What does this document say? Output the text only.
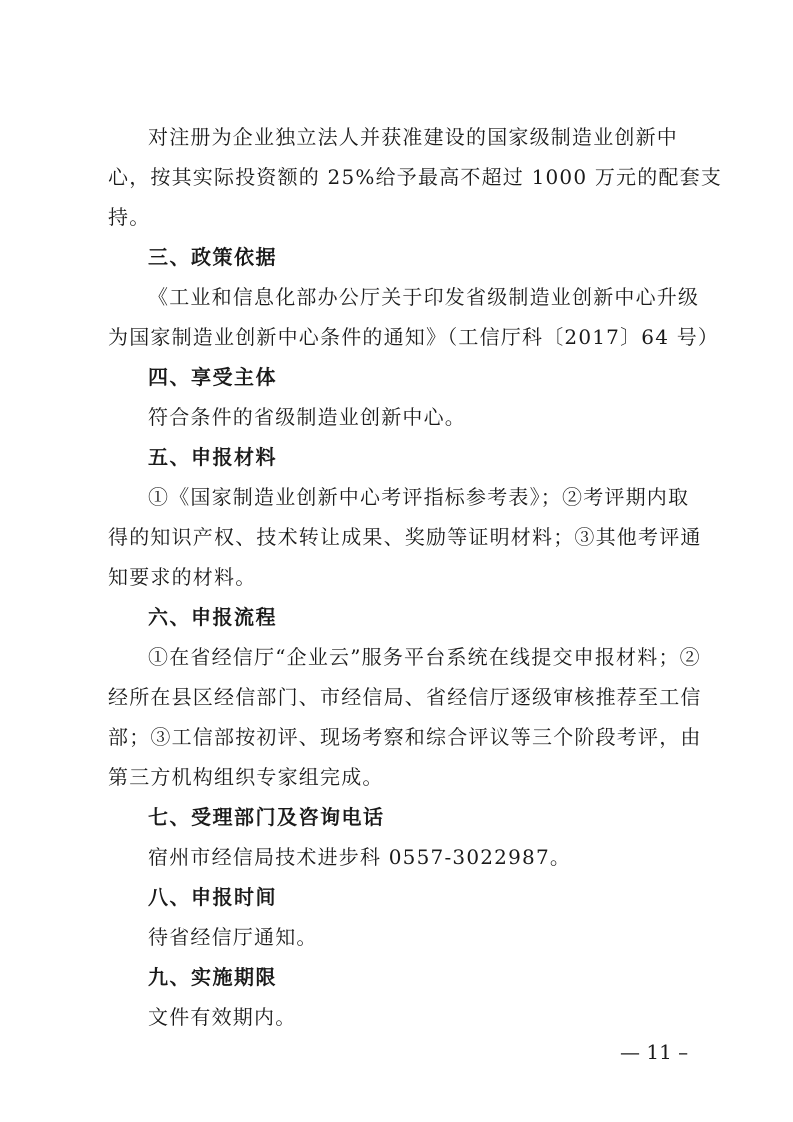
对注册为企业独立法人并获准建设的国家级制造业创新中
心，按其实际投资额的 25%给予最高不超过 1000 万元的配套支
持。
三、政策依据
《工业和信息化部办公厅关于印发省级制造业创新中心升级
为国家制造业创新中心条件的通知》（工信厅科〔2017〕64 号）
四、享受主体
符合条件的省级制造业创新中心。
五、申报材料
①《国家制造业创新中心考评指标参考表》；②考评期内取
得的知识产权、技术转让成果、奖励等证明材料；③其他考评通
知要求的材料。
六、申报流程
①在省经信厅“企业云”服务平台系统在线提交申报材料；②
经所在县区经信部门、市经信局、省经信厅逐级审核推荐至工信
部；③工信部按初评、现场考察和综合评议等三个阶段考评，由
第三方机构组织专家组完成。
七、受理部门及咨询电话
宿州市经信局技术进步科 0557-3022987。
八、申报时间
待省经信厅通知。
九、实施期限
文件有效期内。
— 11 –
